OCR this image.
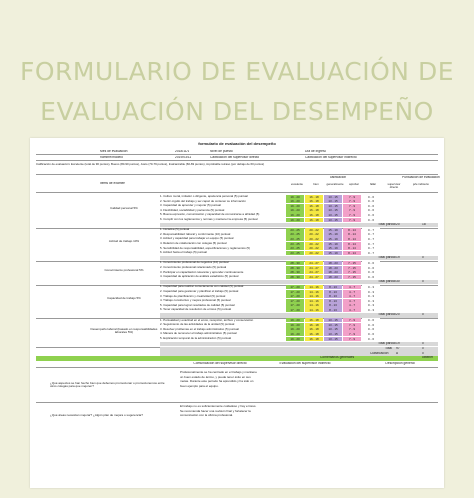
FORMULARIO DE EVALUACIÓN DE
EVALUACIÓN DEL DESEMPEÑO
formulario de evaluación del desempeño
Mes de evaluación	2018/11/1	Nivel de puesto	Día de ingreso
nombre/modelo	2019/03/11	Calificación del supervisor directo	Calificación del supervisor indirecto
Calificación de evaluación: Excelente (total de 90 puntos), Bueno (80-90 puntos), Justo (70-79 puntos), Inalcanzable (60-69 puntos), improbable retraso (por debajo de 60 puntos)
Ítems de examen
calificación	Puntuación de evaluación
excelente	bien	generalmente	aprobar	fallar	supervisor directo
jefe indirecto
1. Cultivo moral, imitador o dirigente, apariencia personal (5) puntual	19 - 20	16 - 18	13 - 15	7 - 9	0 - 6
2. Sentir orgullo del trabajo y ser capaz de contener su información	19 - 20	16 - 18	13 - 15	7 - 9	0 - 6
3. Capacidad de aprender y mejorar (5) puntual	19 - 20	16 - 18	13 - 15	7 - 9	0 - 6
4. Flexibilidad, sociabilidad y paciencia (5) puntual	19 - 20	16 - 18	13 - 15	7 - 9	0 - 6
5. Buena expresión, comunicación y capacidad de comunicarse a afinidad (5)	19 - 20	16 - 18	13 - 15	7 - 9	0 - 6
6. Cumplir con los reglamentos y normas y mantener la empresa (5) puntual	19 - 20	16 - 18	13 - 15	7 - 9	0 - 6
Calidad personal 5%
Total parcial 20	18
1. Iniciativa (5) puntual	23 - 25	20 - 22	15 - 19	8 - 14	0 - 7
2. Responsabilidad: laboral y conformante (10) puntual	23 - 25	20 - 22	15 - 19	8 - 14	0 - 7
3. Actitud y capacidad para trabajar en equipo (5) puntual	23 - 25	20 - 22	15 - 19	8 - 14	0 - 7
4. Relación de colaboración con colegas (5) puntual	23 - 25	20 - 22	15 - 19	8 - 14	0 - 7
5. Sensibilidad de responsabilidad, especificaciones y reglamentos (5)	23 - 25	20 - 22	15 - 19	8 - 14	0 - 7
6. Actitud hacia el trabajo (5) puntual	23 - 25	20 - 22	15 - 19	8 - 14	0 - 7
Actitud de trabajo 10%
Total parcial 19	0
1. Conocimiento profesional de negocios (10) puntual	28 - 30	24 - 27	18 - 23	7 - 15	0 - 6
2. Conocimiento profesional relacionado (5) puntual	28 - 30	24 - 27	18 - 23	7 - 15	0 - 6
3. Participar en capacitación relevante y aprender continuamente	28 - 30	24 - 27	18 - 23	7 - 15	0 - 6
4. Capacidad de aplicación de análisis estadístico (5) puntual	28 - 30	24 - 27	18 - 23	7 - 15	0 - 6
Conocimiento profesional 5%
Total parcial 30	0
1. Capacidad para realizar correctamente con calidad (5) puntual	17 - 20	14 - 16	8 - 13	4 - 7	0 - 3
2. Capacidad para gestionar y planificar el trabajo (5) puntual	17 - 20	14 - 16	8 - 13	4 - 7	0 - 3
3. Trabajo de planificación y creatividad (5) puntual	17 - 20	14 - 16	8 - 13	4 - 7	0 - 3
4. Trabajo constructivo y mejora profesional (5) puntual	17 - 20	14 - 16	8 - 13	4 - 7	0 - 3
5. Capacidad para lograr resultados de calidad (5) puntual	17 - 20	14 - 16	8 - 13	4 - 7	0 - 3
6. Tener capacidad de resolución de errores (5) puntual	17 - 20	14 - 16	8 - 13	4 - 7	0 - 3
Capacidad de trabajo 5%
Total parcial 20	0
1. Puntualidad y exactitud en el envío, recepción, archivo y conservación	19 - 20	16 - 18	13 - 15	7 - 9	0 - 6
2. Seguimiento de las actividades de la unidad (5) puntual	19 - 20	16 - 18	13 - 15	7 - 9	0 - 6
3. Resolver problemas en el trabajo administrativo (5) puntual	19 - 20	16 - 18	13 - 15	7 - 9	0 - 6
4. Manera de reconocer el trabajo administrativo (5) puntual	19 - 20	16 - 18	13 - 15	7 - 9	0 - 6
5. Explicación temporal de la administración (5) puntual	19 - 20	16 - 18	13 - 15	7 - 9	0 - 6
Desempeño laboral (basado en responsabilidades laborales 5%)
Total parcial 19	0
Total 97	0
Clasificación A	0
Comentarios generales	obtener
Comunicación del supervisor directo	Evaluación del supervisor indirecto	Descripción general
¿Qué aspectos se han hecho bien que debemos promocionar o promocionemos entre otros colegas para que mejoren?
Profesionalmente se ha centrado en el trabajo y mantiene un buen estado de ánimo, y puede tener éxito en sus metas. Durante este período ha aprendido y ha sido un buen ejemplo para el equipo.
¿Qué áreas necesitan mejorar? ¿Algún plan de mejora o sugerencia?
El trabajo no es suficientemente cuidadoso y hay errores. Se recomienda hacer una revisión final y fortalecer la comunicación con la oficina profesional.
